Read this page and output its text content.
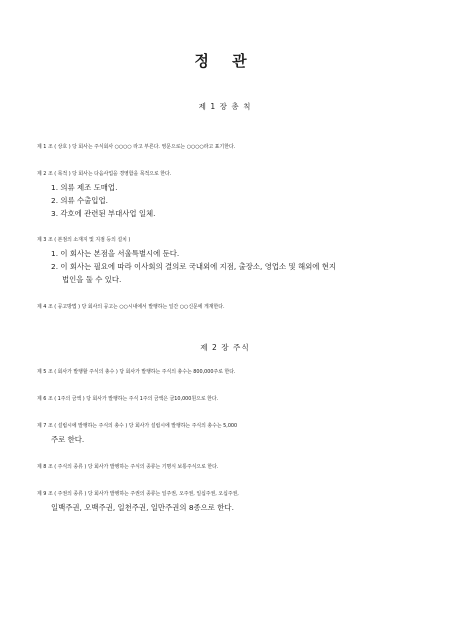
정 관
제 1 장 총 칙
제 1 조 ( 상호 ) 당 회사는 주식회사 ○○○○ 라고 부른다. 영문으로는 ○○○○라고 표기한다.
제 2 조 ( 목적 ) 당 회사는 다음사업을 경영함을 목적으로 한다.
1. 의류 제조 도매업.
2. 의류 수출입업.
3. 각호에 관련된 부대사업 일체.
제 3 조 ( 본점의 소재지 및 지점 등의 설치 )
1. 이 회사는 본점을 서울특별시에 둔다.
2. 이 회사는 필요에 따라 이사회의 결의로 국내외에 지점, 출장소, 영업소 및 해외에 현지
법인을 둘 수 있다.
제 4 조 ( 공고방법 ) 당 회사의 공고는 ○○시내에서 발행하는 일간 ○○신문에 게재한다.
제 2 장 주식
제 5 조 ( 회사가 발행할 주식의 총수 ) 당 회사가 발행하는 주식의 총수는 800,000주로 한다.
제 6 조 ( 1주의 금액 ) 당 회사가 발행하는 주식 1주의 금액은 금10,000원으로 한다.
제 7 조 ( 설립시에 발행하는 주식의 총수 ) 당 회사가 설립시에 발행하는 주식의 총수는 5,000
주로 한다.
제 8 조 ( 주식의 종류 ) 당 회사가 발행하는 주식의 종류는 기명식 보통주식으로 한다.
제 9 조 ( 주권의 종류 ) 당 회사가 발행하는 주권의 종류는 일주권, 오주권, 일십주권, 오십주권,
일백주권, 오백주권, 일천주권, 일만주권의 8종으로 한다.
